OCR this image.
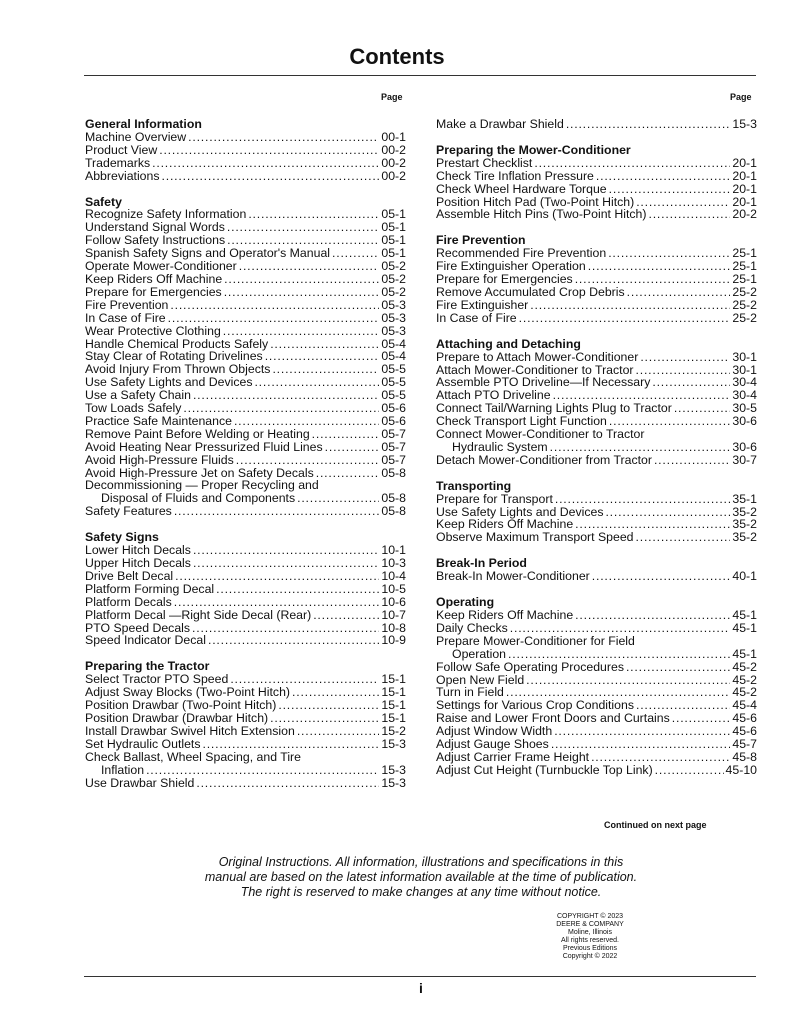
Contents
Page	Page
General Information
Machine Overview .....	00-1
Product View .....	00-2
Trademarks .....	00-2
Abbreviations .....	00-2
Safety
Recognize Safety Information .....	05-1
Understand Signal Words .....	05-1
Follow Safety Instructions .....	05-1
Spanish Safety Signs and Operator's Manual .....	05-1
Operate Mower-Conditioner .....	05-2
Keep Riders Off Machine .....	05-2
Prepare for Emergencies .....	05-2
Fire Prevention .....	05-3
In Case of Fire .....	05-3
Wear Protective Clothing .....	05-3
Handle Chemical Products Safely .....	05-4
Stay Clear of Rotating Drivelines .....	05-4
Avoid Injury From Thrown Objects .....	05-5
Use Safety Lights and Devices .....	05-5
Use a Safety Chain .....	05-5
Tow Loads Safely .....	05-6
Practice Safe Maintenance .....	05-6
Remove Paint Before Welding or Heating .....	05-7
Avoid Heating Near Pressurized Fluid Lines .....	05-7
Avoid High-Pressure Fluids .....	05-7
Avoid High-Pressure Jet on Safety Decals .....	05-8
Decommissioning — Proper Recycling and
Disposal of Fluids and Components .....	05-8
Safety Features .....	05-8
Safety Signs
Lower Hitch Decals .....	10-1
Upper Hitch Decals .....	10-3
Drive Belt Decal .....	10-4
Platform Forming Decal .....	10-5
Platform Decals .....	10-6
Platform Decal —Right Side Decal (Rear) .....	10-7
PTO Speed Decals .....	10-8
Speed Indicator Decal .....	10-9
Preparing the Tractor
Select Tractor PTO Speed .....	15-1
Adjust Sway Blocks (Two-Point Hitch) .....	15-1
Position Drawbar (Two-Point Hitch) .....	15-1
Position Drawbar (Drawbar Hitch) .....	15-1
Install Drawbar Swivel Hitch Extension .....	15-2
Set Hydraulic Outlets .....	15-3
Check Ballast, Wheel Spacing, and Tire
Inflation .....	15-3
Use Drawbar Shield .....	15-3
Make a Drawbar Shield .....	15-3
Preparing the Mower-Conditioner
Prestart Checklist .....	20-1
Check Tire Inflation Pressure .....	20-1
Check Wheel Hardware Torque .....	20-1
Position Hitch Pad (Two-Point Hitch) .....	20-1
Assemble Hitch Pins (Two-Point Hitch) .....	20-2
Fire Prevention
Recommended Fire Prevention .....	25-1
Fire Extinguisher Operation .....	25-1
Prepare for Emergencies .....	25-1
Remove Accumulated Crop Debris .....	25-2
Fire Extinguisher .....	25-2
In Case of Fire .....	25-2
Attaching and Detaching
Prepare to Attach Mower-Conditioner .....	30-1
Attach Mower-Conditioner to Tractor .....	30-1
Assemble PTO Driveline—If Necessary .....	30-4
Attach PTO Driveline .....	30-4
Connect Tail/Warning Lights Plug to Tractor .....	30-5
Check Transport Light Function .....	30-6
Connect Mower-Conditioner to Tractor
Hydraulic System .....	30-6
Detach Mower-Conditioner from Tractor .....	30-7
Transporting
Prepare for Transport .....	35-1
Use Safety Lights and Devices .....	35-2
Keep Riders Off Machine .....	35-2
Observe Maximum Transport Speed .....	35-2
Break-In Period
Break-In Mower-Conditioner .....	40-1
Operating
Keep Riders Off Machine .....	45-1
Daily Checks .....	45-1
Prepare Mower-Conditioner for Field
Operation .....	45-1
Follow Safe Operating Procedures .....	45-2
Open New Field .....	45-2
Turn in Field .....	45-2
Settings for Various Crop Conditions .....	45-4
Raise and Lower Front Doors and Curtains .....	45-6
Adjust Window Width .....	45-6
Adjust Gauge Shoes .....	45-7
Adjust Carrier Frame Height .....	45-8
Adjust Cut Height (Turnbuckle Top Link) .....	45-10
Continued on next page
Original Instructions. All information, illustrations and specifications in this
manual are based on the latest information available at the time of publication.
The right is reserved to make changes at any time without notice.
COPYRIGHT © 2023
DEERE & COMPANY
Moline, Illinois
All rights reserved.
Previous Editions
Copyright © 2022
i
